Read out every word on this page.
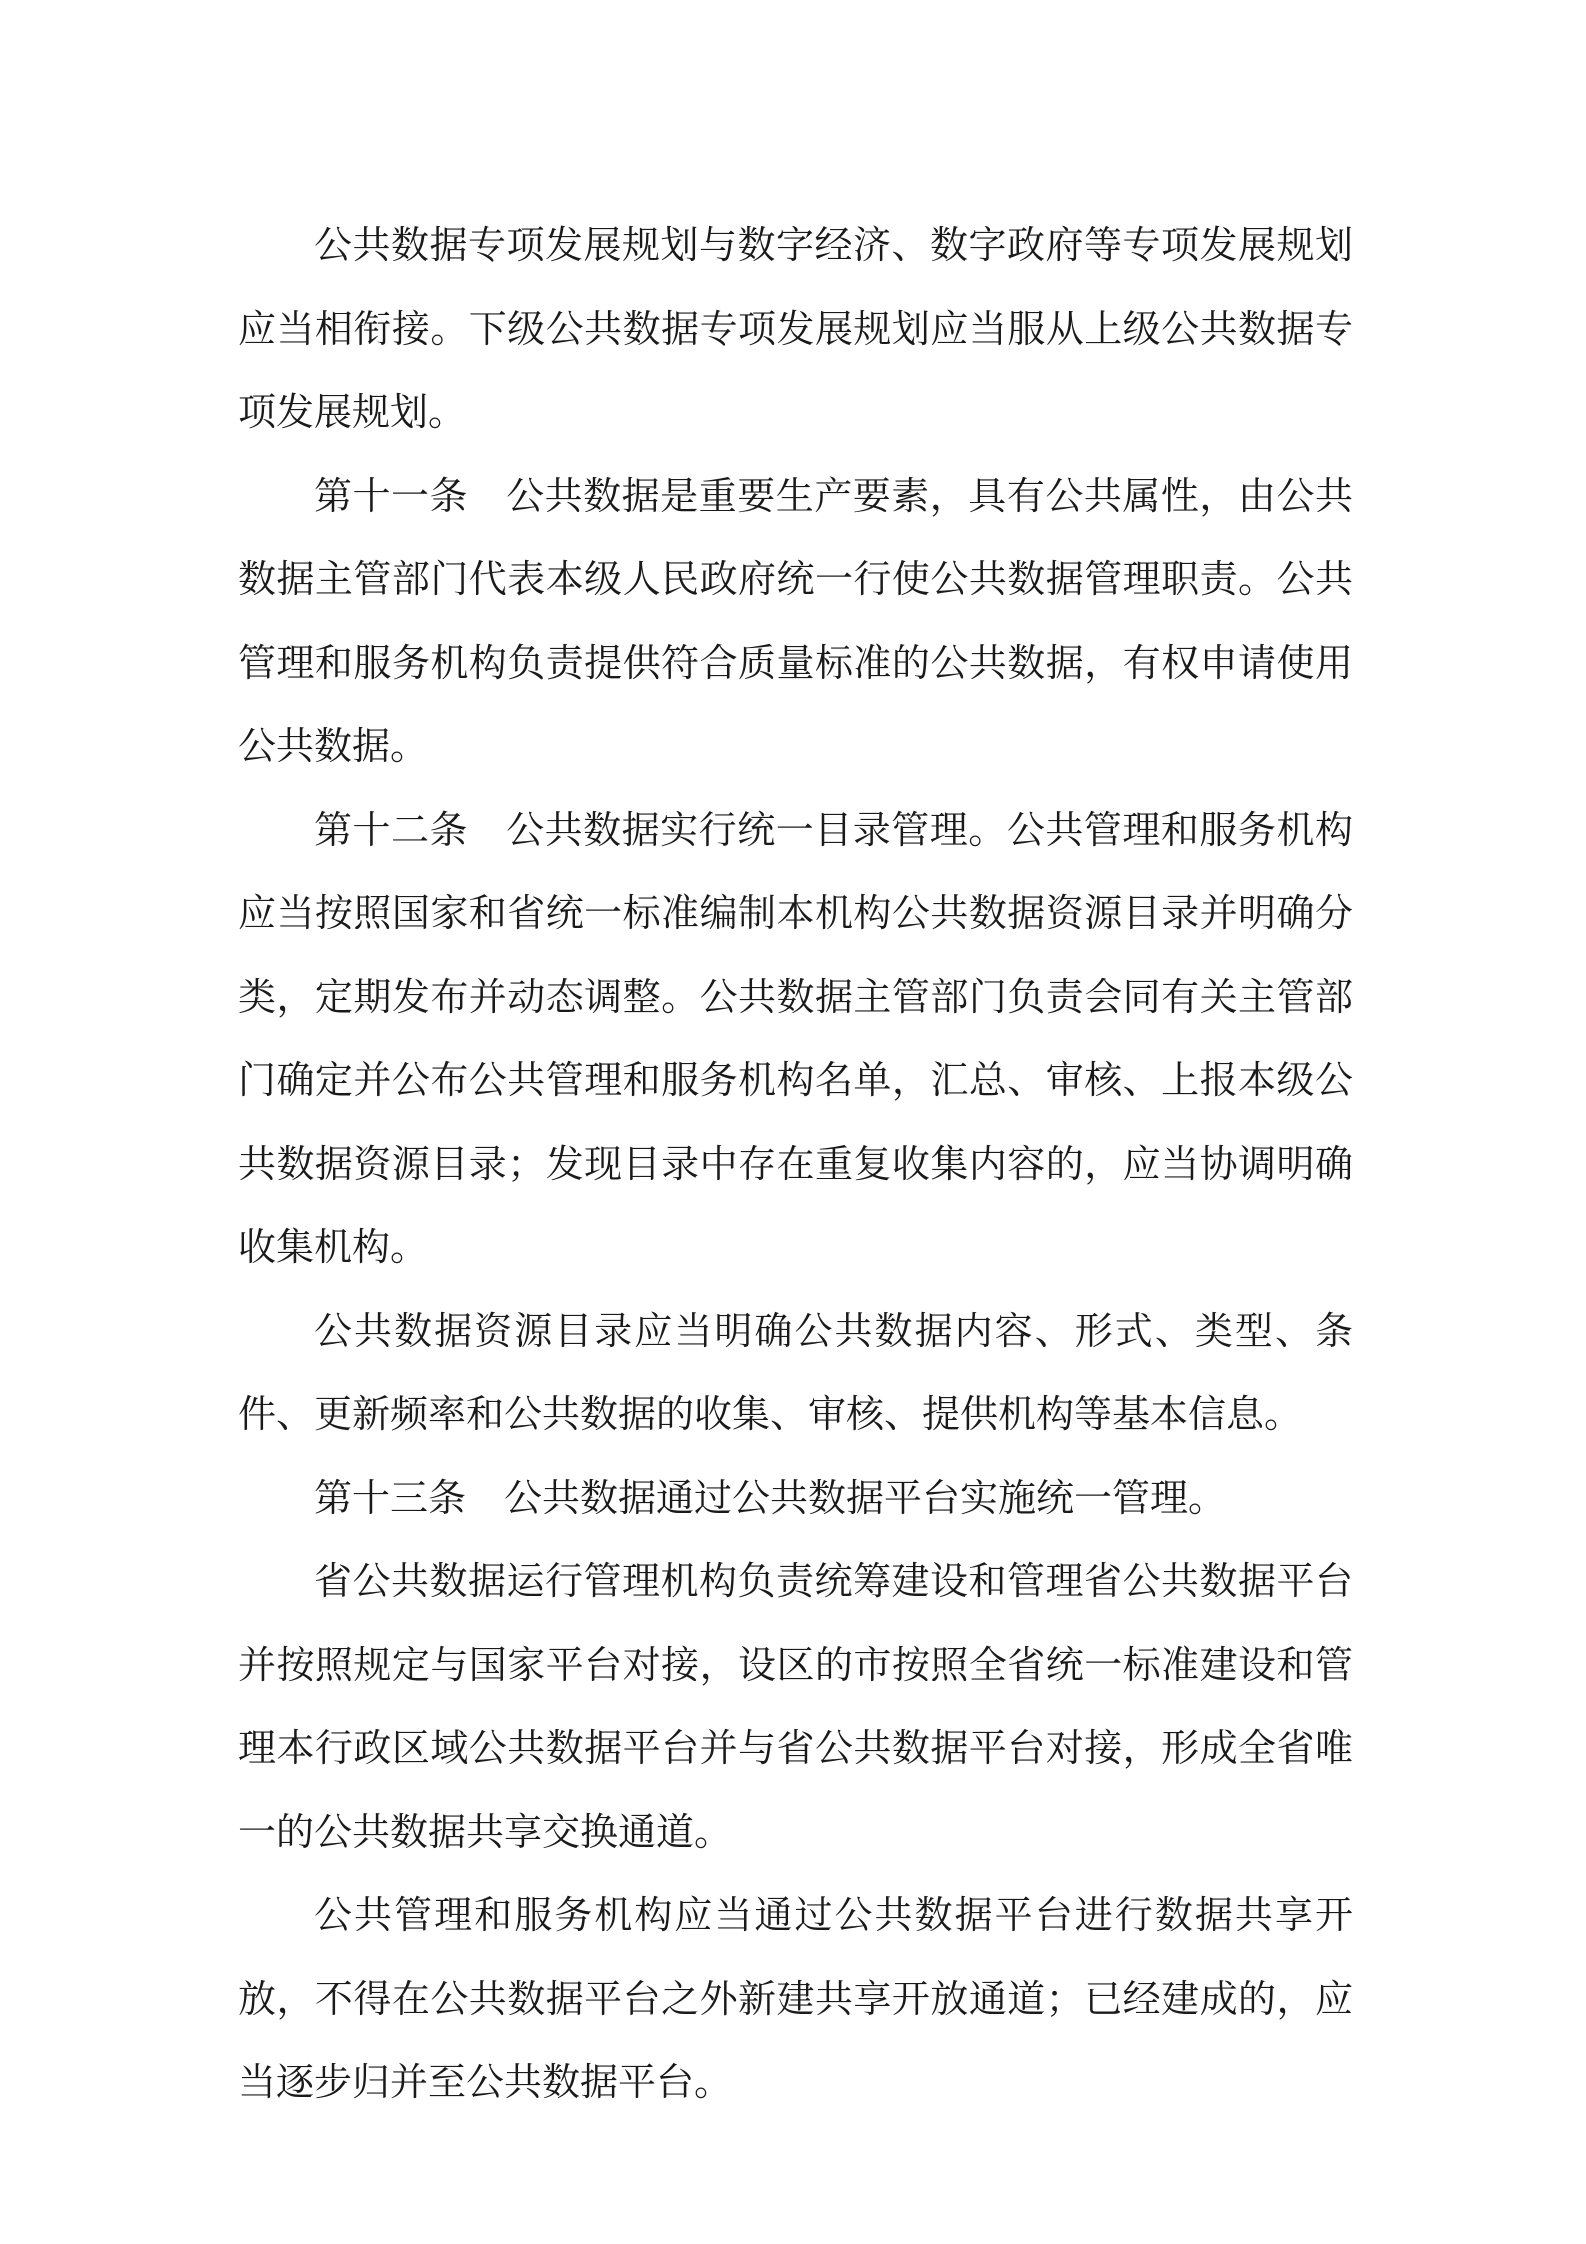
公共数据专项发展规划与数字经济、数字政府等专项发展规划应当相衔接。下级公共数据专项发展规划应当服从上级公共数据专项发展规划。

第十一条 公共数据是重要生产要素，具有公共属性，由公共数据主管部门代表本级人民政府统一行使公共数据管理职责。公共管理和服务机构负责提供符合质量标准的公共数据，有权申请使用公共数据。

第十二条 公共数据实行统一目录管理。公共管理和服务机构应当按照国家和省统一标准编制本机构公共数据资源目录并明确分类，定期发布并动态调整。公共数据主管部门负责会同有关主管部门确定并公布公共管理和服务机构名单，汇总、审核、上报本级公共数据资源目录；发现目录中存在重复收集内容的，应当协调明确收集机构。

公共数据资源目录应当明确公共数据内容、形式、类型、条件、更新频率和公共数据的收集、审核、提供机构等基本信息。

第十三条 公共数据通过公共数据平台实施统一管理。

省公共数据运行管理机构负责统筹建设和管理省公共数据平台并按照规定与国家平台对接，设区的市按照全省统一标准建设和管理本行政区域公共数据平台并与省公共数据平台对接，形成全省唯一的公共数据共享交换通道。

公共管理和服务机构应当通过公共数据平台进行数据共享开放，不得在公共数据平台之外新建共享开放通道；已经建成的，应当逐步归并至公共数据平台。
